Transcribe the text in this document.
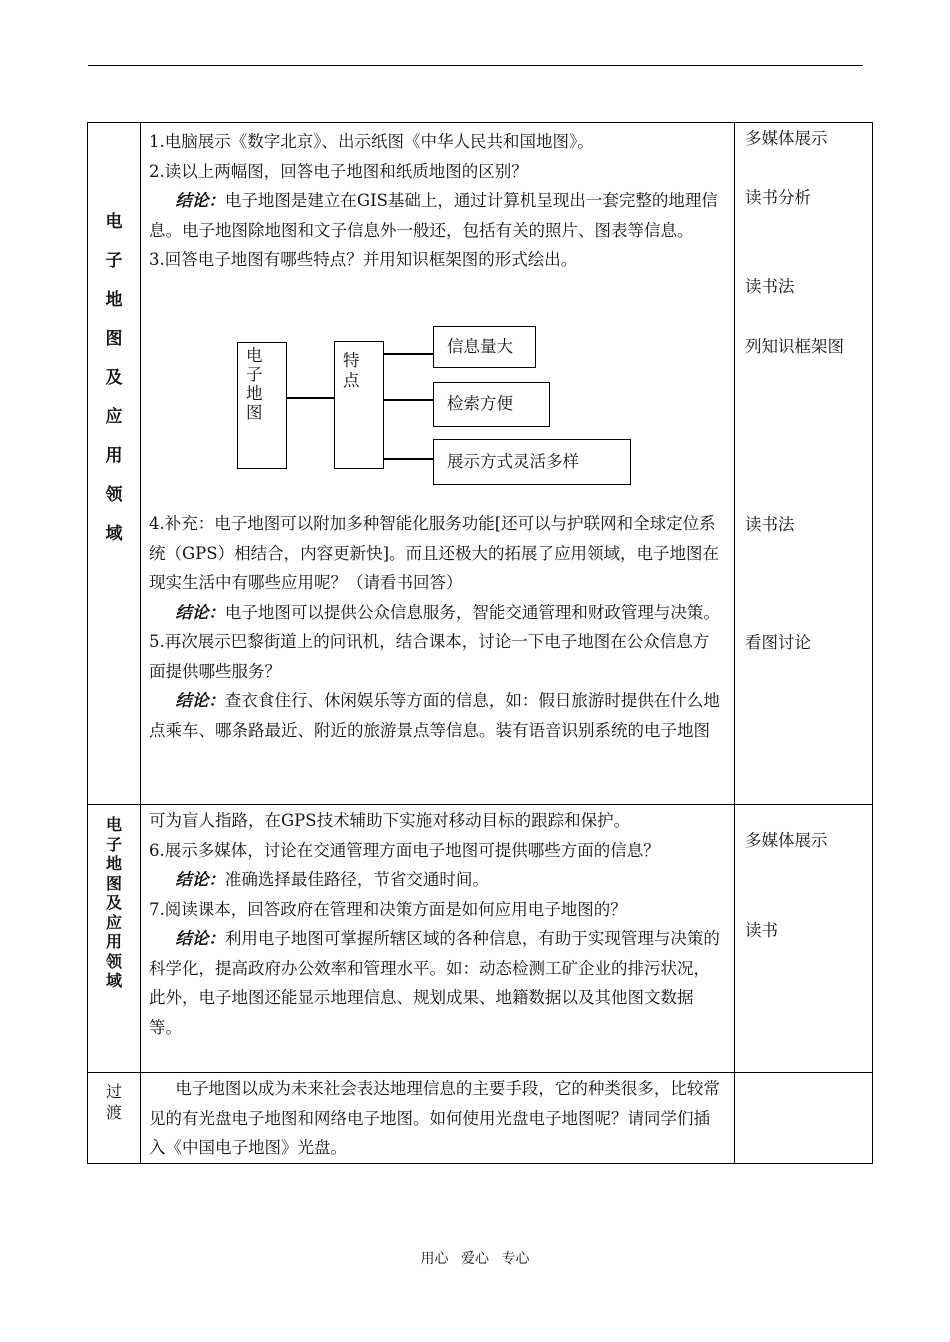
电
子
地
图
及
应
用
领
域

1.电脑展示《数字北京》、出示纸图《中华人民共和国地图》。

2.读以上两幅图，回答电子地图和纸质地图的区别？

结论：电子地图是建立在GIS基础上，通过计算机呈现出一套完整的地理信息。电子地图除地图和文子信息外一般还，包括有关的照片、图表等信息。

3.回答电子地图有哪些特点？并用知识框架图的形式绘出。

电
子
地
图
特
点
信息量大
检索方便
展示方式灵活多样

4.补充：电子地图可以附加多种智能化服务功能[还可以与护联网和全球定位系统（GPS）相结合，内容更新快]。而且还极大的拓展了应用领域，电子地图在现实生活中有哪些应用呢？（请看书回答）

结论：电子地图可以提供公众信息服务，智能交通管理和财政管理与决策。

5.再次展示巴黎街道上的问讯机，结合课本，讨论一下电子地图在公众信息方面提供哪些服务？

结论：查衣食住行、休闲娱乐等方面的信息，如：假日旅游时提供在什么地点乘车、哪条路最近、附近的旅游景点等信息。装有语音识别系统的电子地图

多媒体展示
读书分析
读书法
列知识框架图
读书法
看图讨论
电
子
地
图
及
应
用
领
域

可为盲人指路，在GPS技术辅助下实施对移动目标的跟踪和保护。

6.展示多媒体，讨论在交通管理方面电子地图可提供哪些方面的信息？

结论：准确选择最佳路径，节省交通时间。

7.阅读课本，回答政府在管理和决策方面是如何应用电子地图的？

结论：利用电子地图可掌握所辖区域的各种信息，有助于实现管理与决策的科学化，提高政府办公效率和管理水平。如：动态检测工矿企业的排污状况，此外，电子地图还能显示地理信息、规划成果、地籍数据以及其他图文数据等。

多媒体展示
读书
过
渡

电子地图以成为未来社会表达地理信息的主要手段，它的种类很多，比较常见的有光盘电子地图和网络电子地图。如何使用光盘电子地图呢？请同学们插入《中国电子地图》光盘。

用心 爱心 专心
